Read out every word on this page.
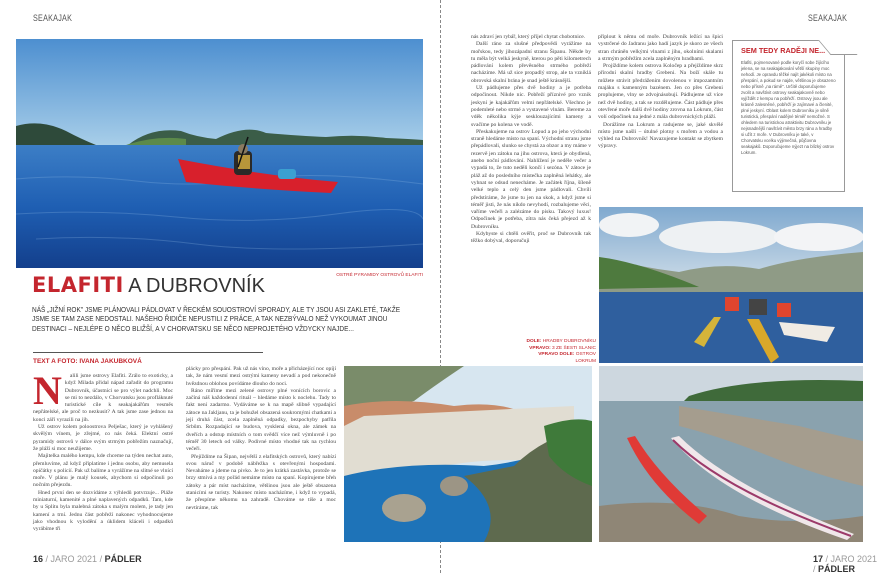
SEAKAJAK
OSTRÉ PYRAMIDY OSTROVŮ ELAFITI
ELAFITI A DUBROVNÍK
NÁŠ „JIŽNÍ ROK" JSME PLÁNOVALI PÁDLOVAT V ŘECKÉM SOUOSTROVÍ SPORADY, ALE TY JSOU ASI ZAKLETÉ, TAKŽE JSME SE TAM ZASE NEDOSTALI. NAŠEHO ŘIDIČE NEPUSTILI Z PRÁCE, A TAK NEZBÝVALO NEŽ VYKOUMAT JINOU DESTINACI – NEJLÉPE O NĚCO BLIŽŠÍ, A V CHORVATSKU SE NĚCO NEPROJETÉHO VŽDYCKY NAJDE...
TEXT A FOTO: IVANA JAKUBKOVÁ
N	alili jsme ostrovy Elafiti. Zrálo to exoticky, a když Milada přidal nápad zařadit do programu Dubrovník, účastníci se pro výlet nadchli. Moc se mi to nezdálo, v Chorvatsku jsou profláknuté turistické cíle k seakajakářům vesměs nepřátelské, ale proč to nezkusit? A tak jsme zase jednou na konci září vyrazili na jih.

Už ostrov kolem poloostrova Pelješac, který je vyhlášený skvělým vínem, je zřejmé, co nás čeká. Elektní ostré pyramidy ostrovů v dálce svým strmým pobřežím naznačují, že pláží si moc neužijeme.

Majitelka malého kempu, kde chceme na týden nechat auto, přemluvíme, až když připlatíme i jednu osobu, aby nemusela opičátky s policií. Pak už balíme a vyrážíme na slitné se vlnící moře. V plánu je malý kousek, abychom si odpočinuli po nočním přejezdu.

Hned první den se dozvídáme z výhledů potvrzuje... Pláže miniaturní, kamenité a plné naplavených odpadků. Tam, kde by u Splitu byla malebná zátoka s malým molem, je tady jen kamení a trní. Jednu část pobřeží nakonec vyhodnocujeme jako vhodnou k vylodění a úklidem kláceli i odpadků vyrábíme tři

plácky pro přespání. Pak už nás víno, moře a přicházející noc opíjí tak, že nám vesmí mezi ostrými kameny nevadí a pod nekonečně hvězdnou oblohou povídáme dlouho do noci.

Ráno míříme mezi zelené ostrovy plné vonících borovic a začíná náš každodenní rituál – hledáme místo k noclehu. Tady to fakt není zadarmo. Vydáváme se k na mapě slibně vypadající zátoce na Jakljanu, ta je bohužel obsazená soukromými chatkami a její druhá část, zcela zaplněná odpadky, bezpochyby patřila Srbům. Rozpadající se budova, vysklená okna, ale zámek na dveřích a odstup místních o tom svědčí více než výmluvně i po téměř 30 letech od války. Podivné místo vhodné tak na rychlou večeři.

Přejíždíme na Šipan, největší z elafitských ostrovů, který nabízí svou náruč v podobě nábřežka s otevřenými hospodami. Nevaháme a jdeme na pivko. Je to jen krátká zastávka, protože se brzy stmívá a my pořád nemáme místo na spaní. Kopírujeme břeh zátoky a pár míst nacházíme, většinou jsou ale ještě obsazena stanicími se turisty. Nakonec místo nacházíme, i když to vypadá, že přespíme někomu na zahradě. Chováme se tiše a moc nevtíráme, tak

16 / JARO 2021 / PÁDLER
SEAKAJAK

nás zdraví jen rybář, který přijel chytat chobotnice.

Další ráno za slušné předpovědi vyrážíme na mořskou, tedy jihozápadní stranu Šipanu. Někde by tu měla být velká jeskyně, kterou po pěti kilometrech pádlování kolem převěsného strmého pobřeží nacházíme. Má už sice propadlý strop, ale ta vzniklá obrovská skalní brána je snad ještě krásnější.

Už pádlujeme přes dvě hodiny a je potřeba odpočinout. Nikde nic. Pobřeží příznivé pro vznik jeskyní je kajakářům velmi nepřátelské. Všechno je podemleté nebo strmé a vystavené vlnám. Bereme za vděk několika kýje sesklouzajícími kameny a svačíme po kolena ve vodě.

Přeskakujeme na ostrov Lopud a po jeho východní straně hledáme místo na spaní. Východní stranu jsme přepádlovali, slunko se chystá za obzor a my máme v rezervě jen zátoku na jihu ostrova, která je obydlená, anebo noční pádlování. Nahlížení je neděle večer a vypadá to, že tuto neděli končí i sezóna. V zátoce je pláž až do posledního místečka zaplněná lehátky, ale vyhnat se odsud nenecháme. Je začátek října, šíleně velké teplo a celý den jsme pádlovali. Chvíli předstíráme, že jsme tu jen na skok, a když jsme si téměř jisti, že nás nikdo nevyhodí, rozbalujeme věci, vaříme večeři a zalézáme do pisku. Takový luxus! Odpočinek je potřeba, zítra nás čeká přejezd až k Dubrovníku.

Kdybyste si chtěli ověřit, proč se Dubrovník tak těžko dobýval, doporučuji

připlout k němu od moře. Dubrovník ležící na špici vystrčené do Jadranu jako hadí jazyk je skoro ze všech stran chráněn velkými vlnami z jihu, okolními skalami a strmým pobřežím zcela zaplněným hradbami.

Projíždíme kolem ostrova Koločep a přejíždíme skrz přírodní skalní hradby Grebeni. Na boží skále tu můžete strávit předrážením dovolenou v impozantním majáku s kamenným bazénem. Jen co přes Grebeni proplujeme, vlny se zdvojnásobují. Pádlujeme už více než dvě hodiny, a tak se rozdělujeme. Část pádluje přes otevřené moře další dvě hodiny zrovna na Lokrum, část volí odpočinek na jedné z mála dubrovnických pláží.

Dorážíme na Lokrum a radujeme se, jaké skvělé místo jsme našli – útulné plotny s mořem a vodou a výhled na Dubrovník! Navazujeme kontakt se zbytkem výpravy.

SEM TEDY RADĚJI NE...
Elafiti, pojmenované podle koryčí sobe žijícího jelena, se na seakajakování větší skupiny moc nehodí. Je opravdu těžké najít jakékoli místo na přespání, a pokud se najde, většinou je obsazeno nebo přísně „na rámě". Určitě doporučujeme zvolit a navštívit ostrovy seakajakovně nebo vyjíždět z kempu na pobřeží. Ostrovy jsou ale krásně zalesněné, pobřeží je zajímavé a členité, plné jeskyní. Oblast kolem Dubrovníku je silně turistická, přespání nadějné téměř nemožné. S ohledem na turistickou atraktivitu Dubrovníku je nejsnadnější navštívit město brzy ráno a hradby si užít z moře. V Dubrovníku je také, v Chorvatsku vcelku výjimečná, půjčovna seakajaků. Doporučujeme nýjezt na blízký ostrov Lokrum.
DOLE: HRADBY DUBROVNÍKU VPRAVO: 3 ZE ŠESTI SLANIC VPRAVO DOLE: OSTROV LOKRUM
17 / JARO 2021 / PÁDLER
